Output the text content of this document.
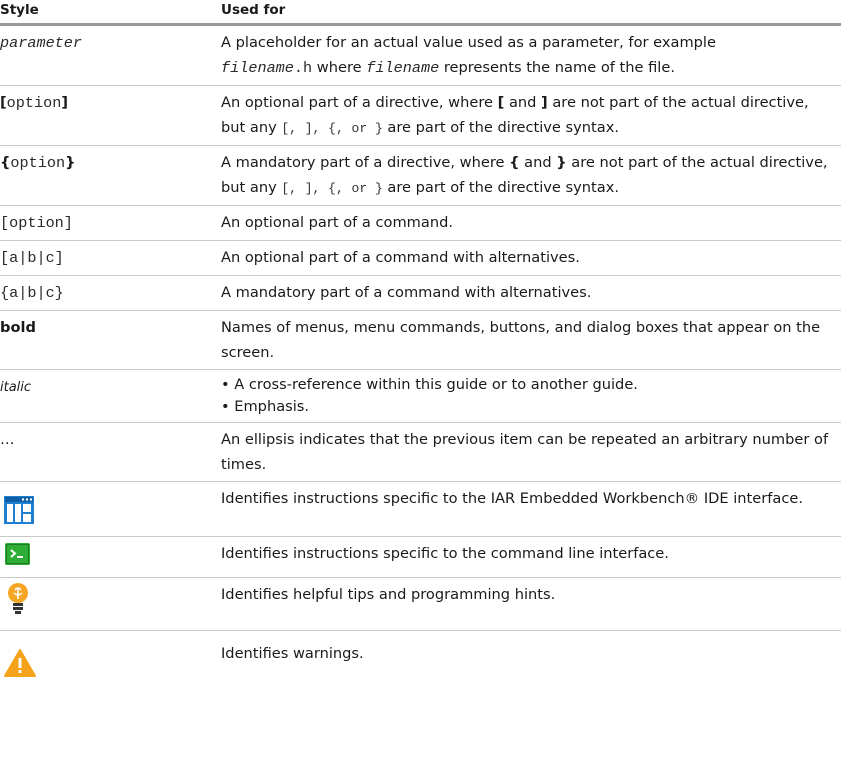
Style	Used for
parameter	A placeholder for an actual value used as a parameter, for example
filename.h where filename represents the name of the file.
[option]	An optional part of a directive, where [ and ] are not part of the actual directive, but any [, ], {, or } are part of the directive syntax.
{option}	A mandatory part of a directive, where { and } are not part of the actual directive, but any [, ], {, or } are part of the directive syntax.
[option]	An optional part of a command.
[a|b|c]	An optional part of a command with alternatives.
{a|b|c}	A mandatory part of a command with alternatives.
bold	Names of menus, menu commands, buttons, and dialog boxes that appear on the screen.
italic	• A cross-reference within this guide or to another guide.
• Emphasis.

…	An ellipsis indicates that the previous item can be repeated an arbitrary number of times.
	Identifies instructions specific to the IAR Embedded Workbench® IDE interface.
	Identifies instructions specific to the command line interface.
	Identifies helpful tips and programming hints.
	Identifies warnings.
